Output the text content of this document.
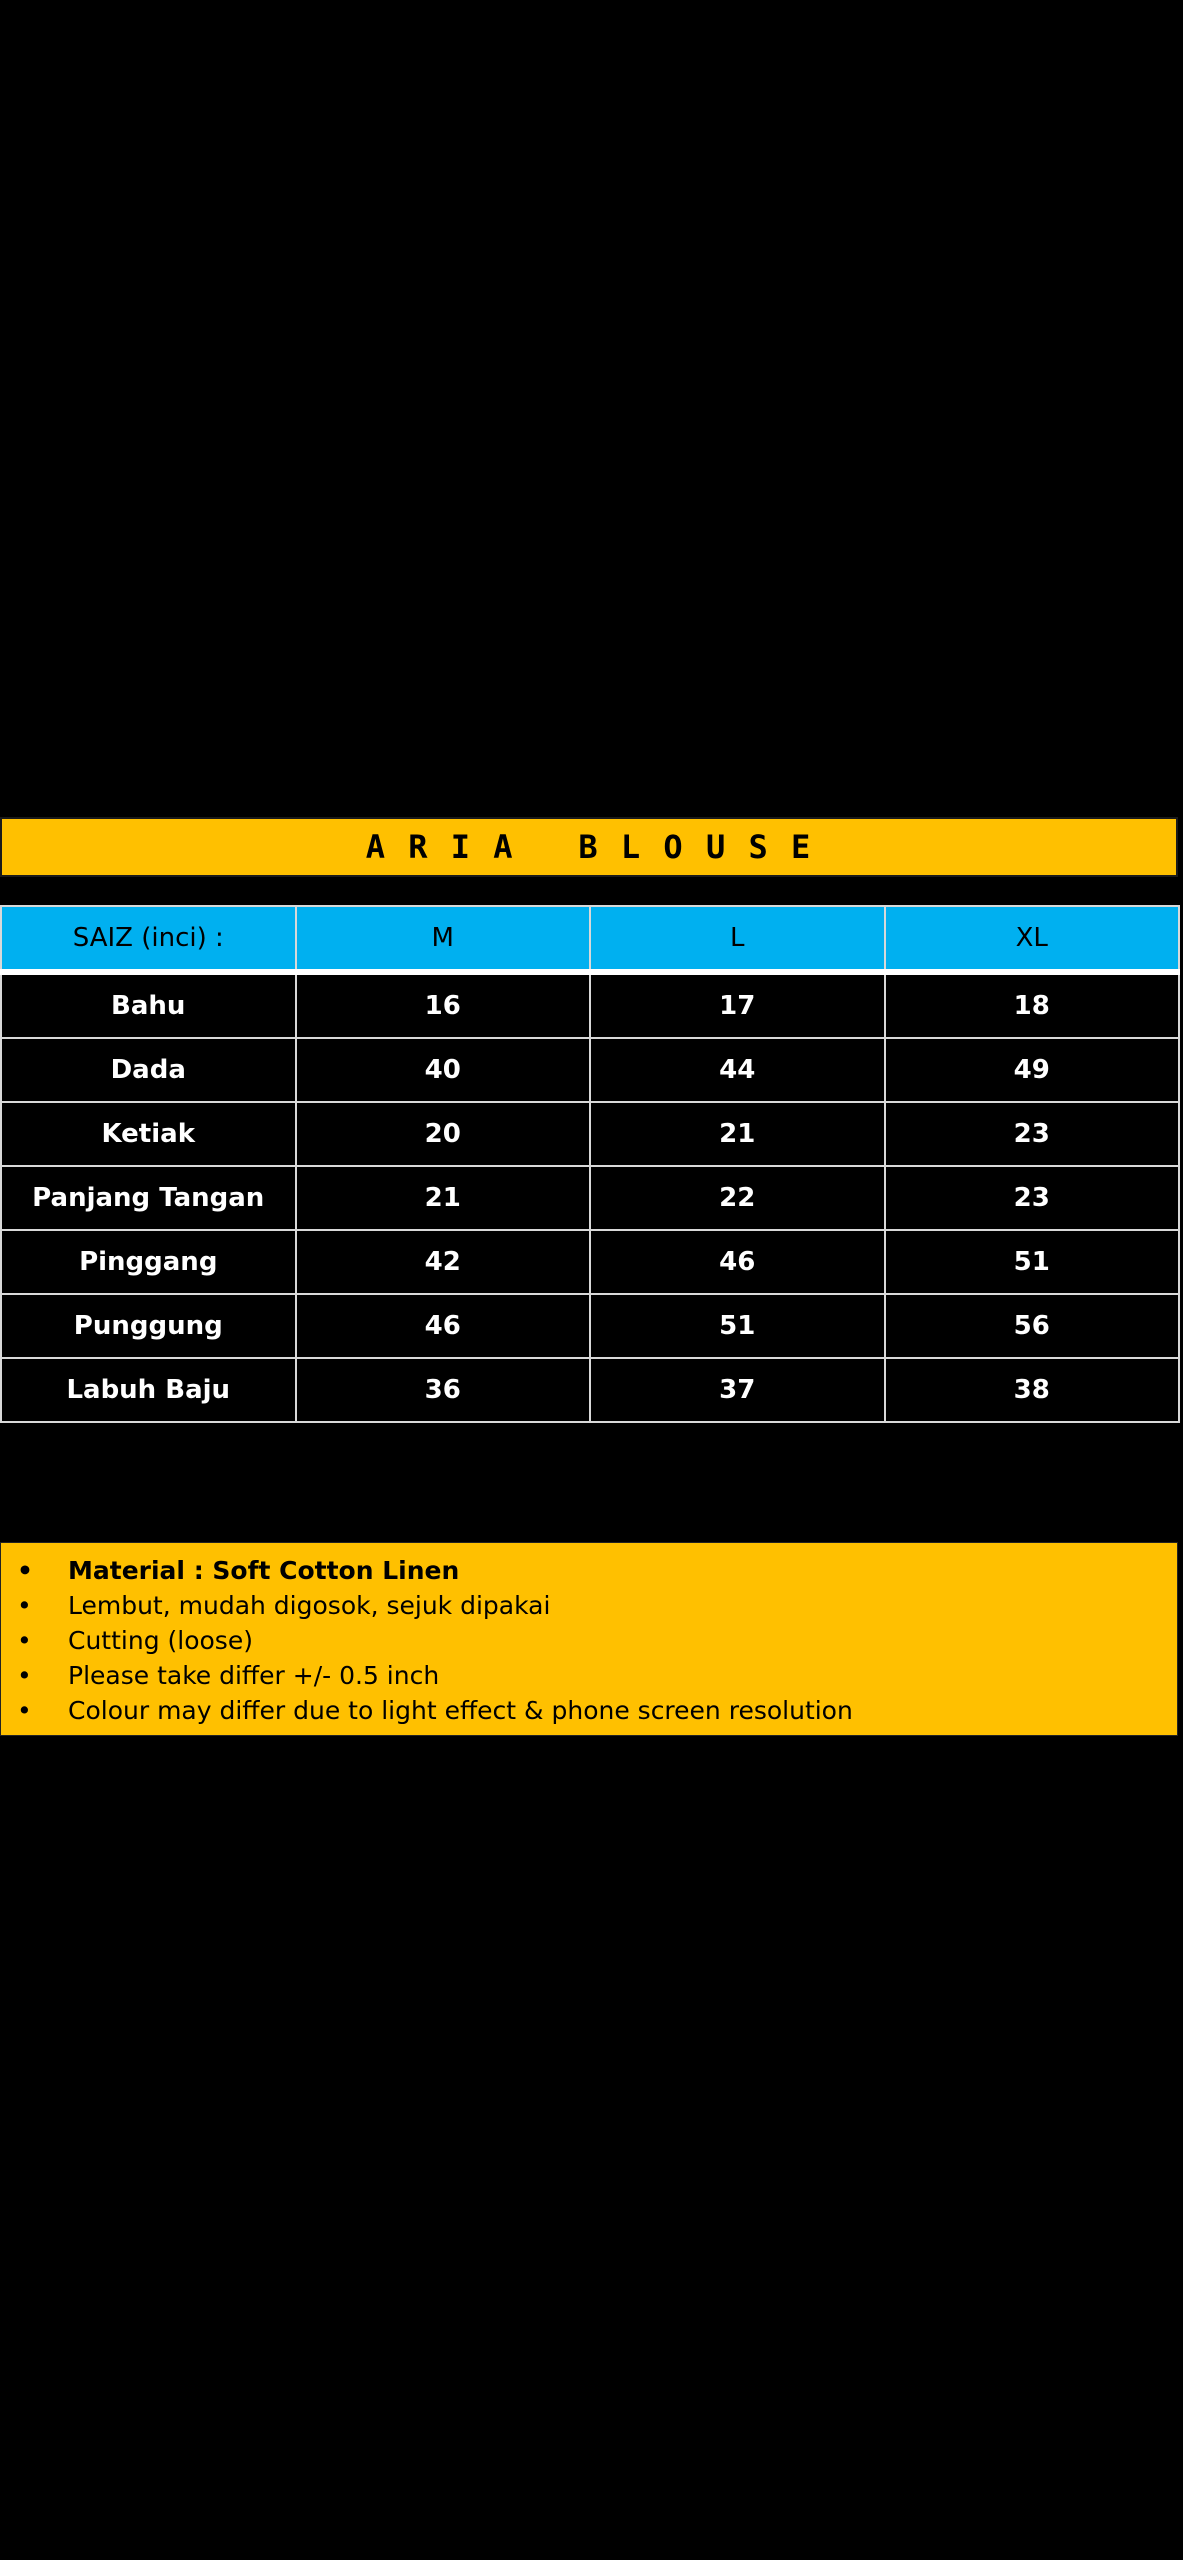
A R I A   B L O U S E
SAIZ (inci) :	M	L	XL
Bahu	16	17	18
Dada	40	44	49
Ketiak	20	21	23
Panjang Tangan	21	22	23
Pinggang	42	46	51
Punggung	46	51	56
Labuh Baju	36	37	38
• Material : Soft Cotton Linen
• Lembut, mudah digosok, sejuk dipakai
• Cutting (loose)
• Please take differ +/- 0.5 inch
• Colour may differ due to light effect & phone screen resolution
